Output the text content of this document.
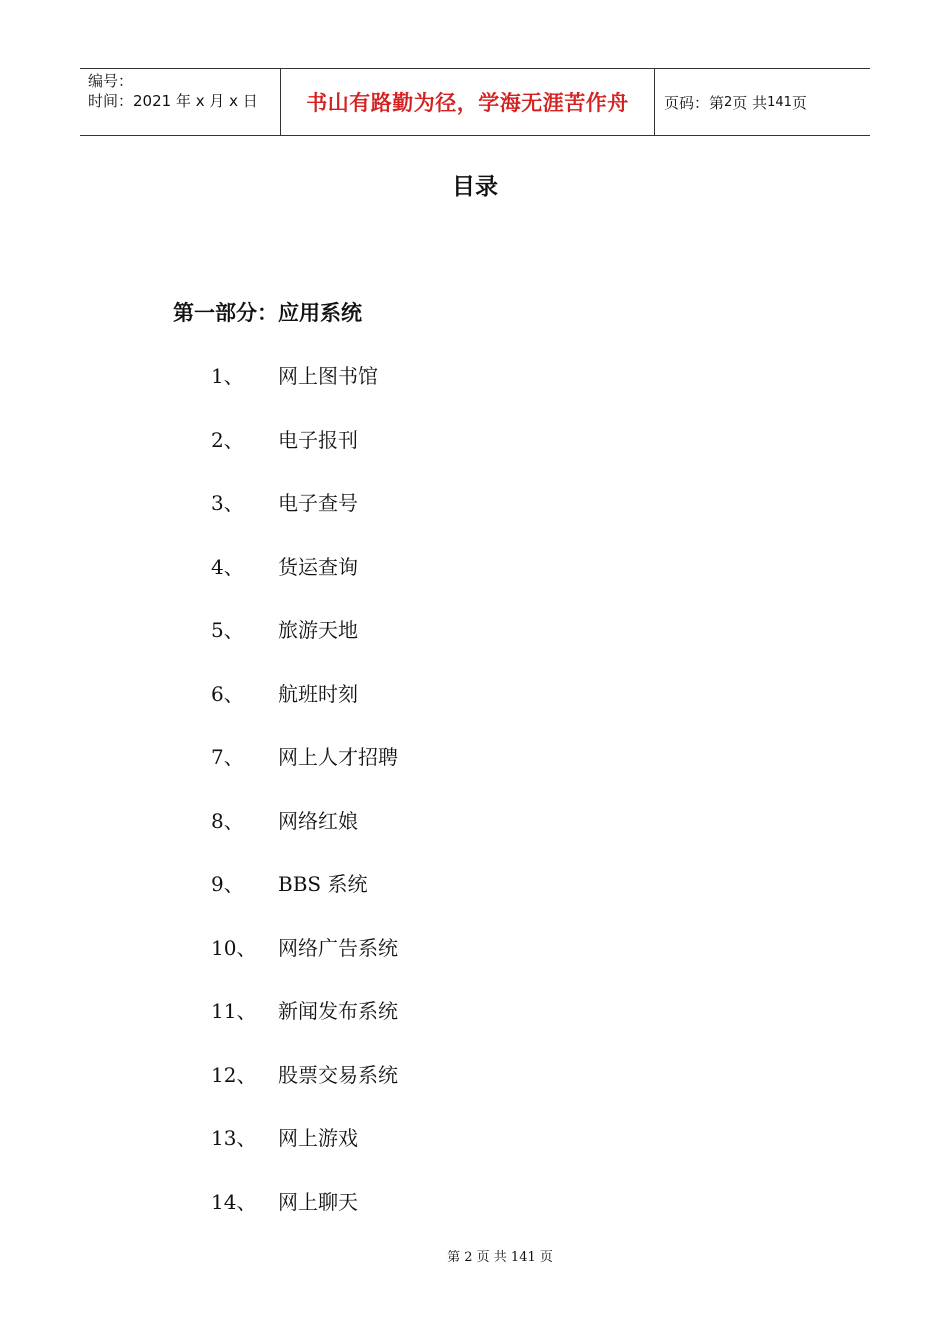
编号：
时间：2021 年 x 月 x 日	书山有路勤为径，学海无涯苦作舟	页码：第 2 页 共 141 页
目录
第一部分：应用系统
1、	网上图书馆
2、	电子报刊
3、	电子查号
4、	货运查询
5、	旅游天地
6、	航班时刻
7、	网上人才招聘
8、	网络红娘
9、	BBS 系统
10、	网络广告系统
11、	新闻发布系统
12、	股票交易系统
13、	网上游戏
14、	网上聊天
第 2 页 共 141 页
